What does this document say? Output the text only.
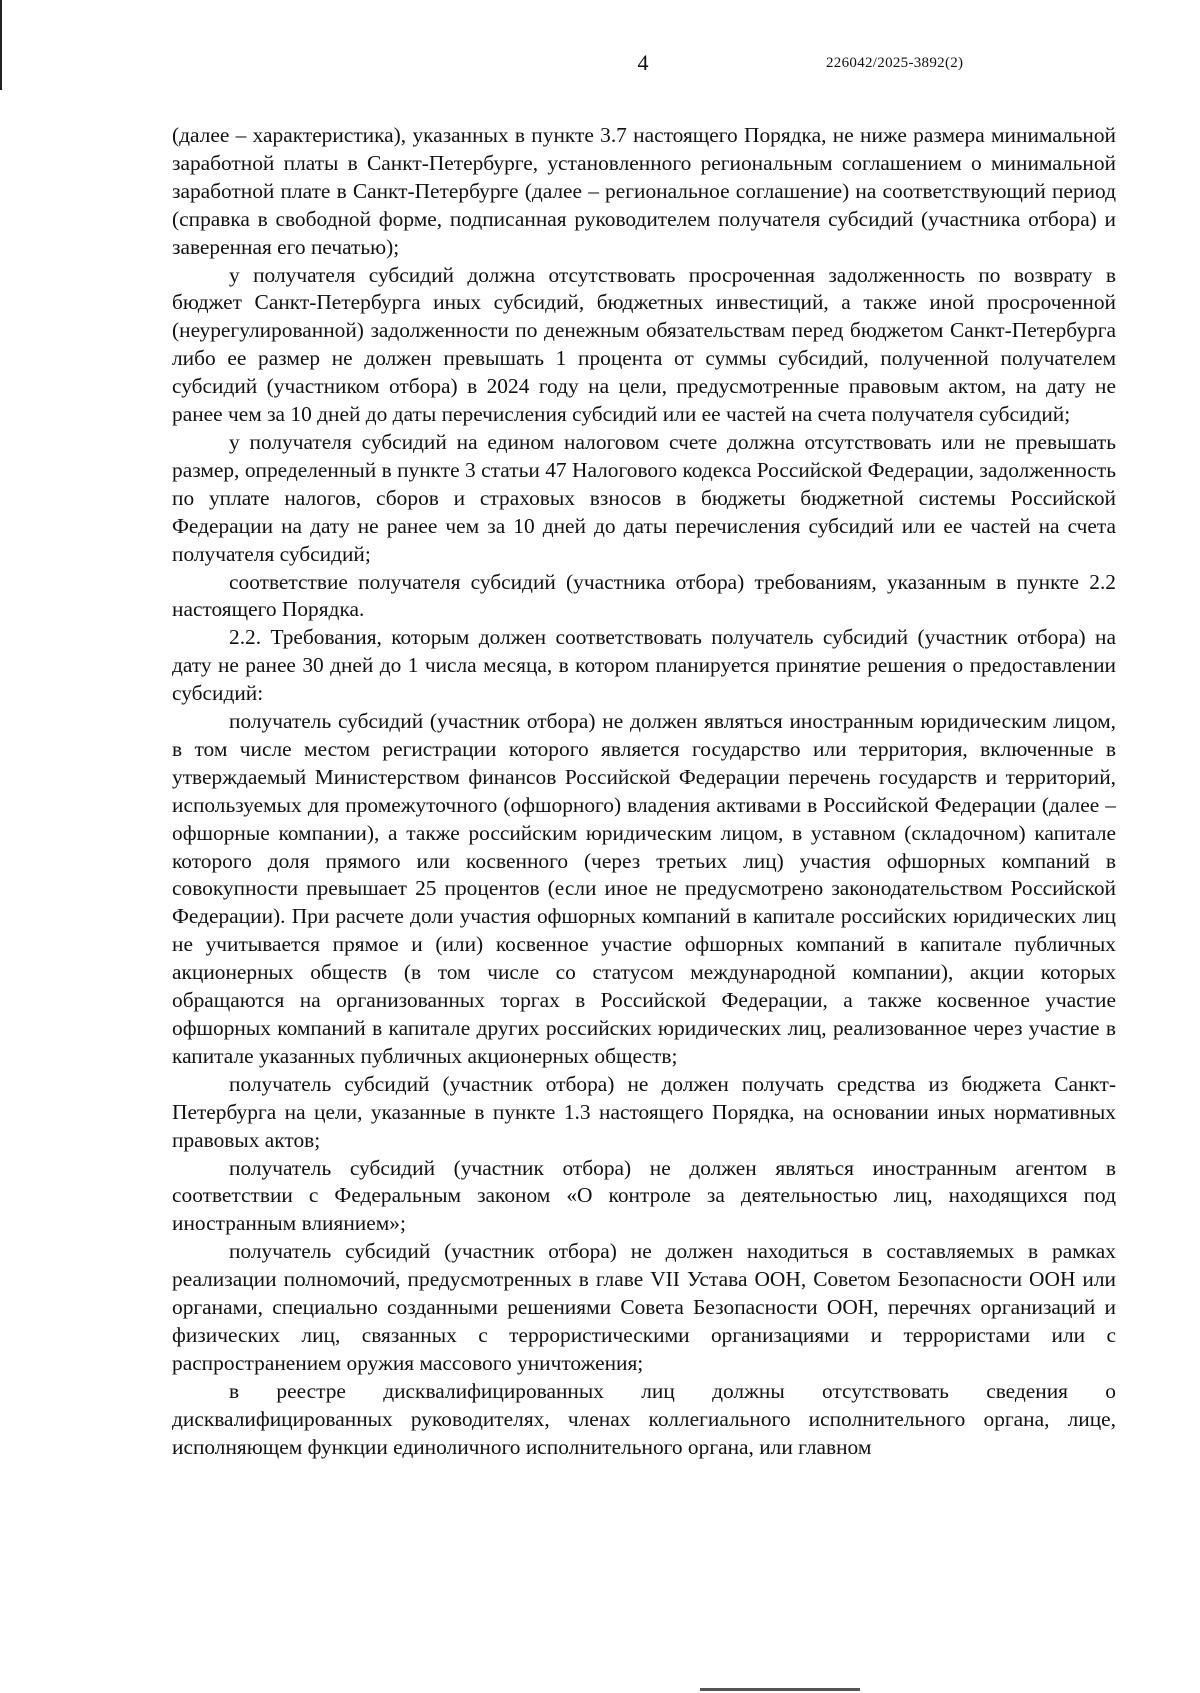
4	226042/2025-3892(2)

(далее – характеристика), указанных в пункте 3.7 настоящего Порядка, не ниже размера минимальной заработной платы в Санкт-Петербурге, установленного региональным соглашением о минимальной заработной плате в Санкт-Петербурге (далее – региональное соглашение) на соответствующий период (справка в свободной форме, подписанная руководителем получателя субсидий (участника отбора) и заверенная его печатью);

у получателя субсидий должна отсутствовать просроченная задолженность по возврату в бюджет Санкт-Петербурга иных субсидий, бюджетных инвестиций, а также иной просроченной (неурегулированной) задолженности по денежным обязательствам перед бюджетом Санкт-Петербурга либо ее размер не должен превышать 1 процента от суммы субсидий, полученной получателем субсидий (участником отбора) в 2024 году на цели, предусмотренные правовым актом, на дату не ранее чем за 10 дней до даты перечисления субсидий или ее частей на счета получателя субсидий;

у получателя субсидий на едином налоговом счете должна отсутствовать или не превышать размер, определенный в пункте 3 статьи 47 Налогового кодекса Российской Федерации, задолженность по уплате налогов, сборов и страховых взносов в бюджеты бюджетной системы Российской Федерации на дату не ранее чем за 10 дней до даты перечисления субсидий или ее частей на счета получателя субсидий;

соответствие получателя субсидий (участника отбора) требованиям, указанным в пункте 2.2 настоящего Порядка.

2.2. Требования, которым должен соответствовать получатель субсидий (участник отбора) на дату не ранее 30 дней до 1 числа месяца, в котором планируется принятие решения о предоставлении субсидий:

получатель субсидий (участник отбора) не должен являться иностранным юридическим лицом, в том числе местом регистрации которого является государство или территория, включенные в утверждаемый Министерством финансов Российской Федерации перечень государств и территорий, используемых для промежуточного (офшорного) владения активами в Российской Федерации (далее – офшорные компании), а также российским юридическим лицом, в уставном (складочном) капитале которого доля прямого или косвенного (через третьих лиц) участия офшорных компаний в совокупности превышает 25 процентов (если иное не предусмотрено законодательством Российской Федерации). При расчете доли участия офшорных компаний в капитале российских юридических лиц не учитывается прямое и (или) косвенное участие офшорных компаний в капитале публичных акционерных обществ (в том числе со статусом международной компании), акции которых обращаются на организованных торгах в Российской Федерации, а также косвенное участие офшорных компаний в капитале других российских юридических лиц, реализованное через участие в капитале указанных публичных акционерных обществ;

получатель субсидий (участник отбора) не должен получать средства из бюджета Санкт-Петербурга на цели, указанные в пункте 1.3 настоящего Порядка, на основании иных нормативных правовых актов;

получатель субсидий (участник отбора) не должен являться иностранным агентом в соответствии с Федеральным законом «О контроле за деятельностью лиц, находящихся под иностранным влиянием»;

получатель субсидий (участник отбора) не должен находиться в составляемых в рамках реализации полномочий, предусмотренных в главе VII Устава ООН, Советом Безопасности ООН или органами, специально созданными решениями Совета Безопасности ООН, перечнях организаций и физических лиц, связанных с террористическими организациями и террористами или с распространением оружия массового уничтожения;

в реестре дисквалифицированных лиц должны отсутствовать сведения о дисквалифицированных руководителях, членах коллегиального исполнительного органа, лице, исполняющем функции единоличного исполнительного органа, или главном
